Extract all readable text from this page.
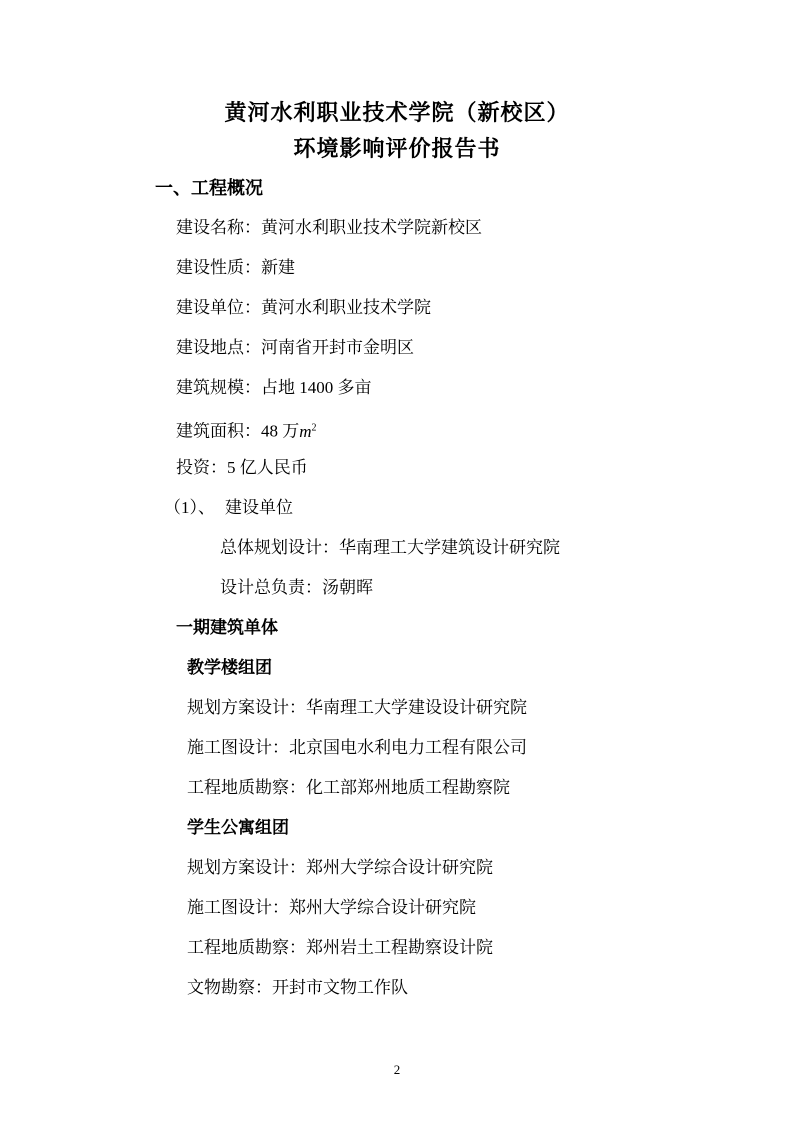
黄河水利职业技术学院（新校区）
环境影响评价报告书
一、工程概况
建设名称：黄河水利职业技术学院新校区
建设性质：新建
建设单位：黄河水利职业技术学院
建设地点：河南省开封市金明区
建筑规模：占地 1400 多亩
建筑面积：48 万$m^2$
投资：5 亿人民币
（1）、 建设单位
总体规划设计：华南理工大学建筑设计研究院
设计总负责：汤朝晖
一期建筑单体
教学楼组团
规划方案设计：华南理工大学建设设计研究院
施工图设计：北京国电水利电力工程有限公司
工程地质勘察：化工部郑州地质工程勘察院
学生公寓组团
规划方案设计：郑州大学综合设计研究院
施工图设计：郑州大学综合设计研究院
工程地质勘察：郑州岩土工程勘察设计院
文物勘察：开封市文物工作队
2
